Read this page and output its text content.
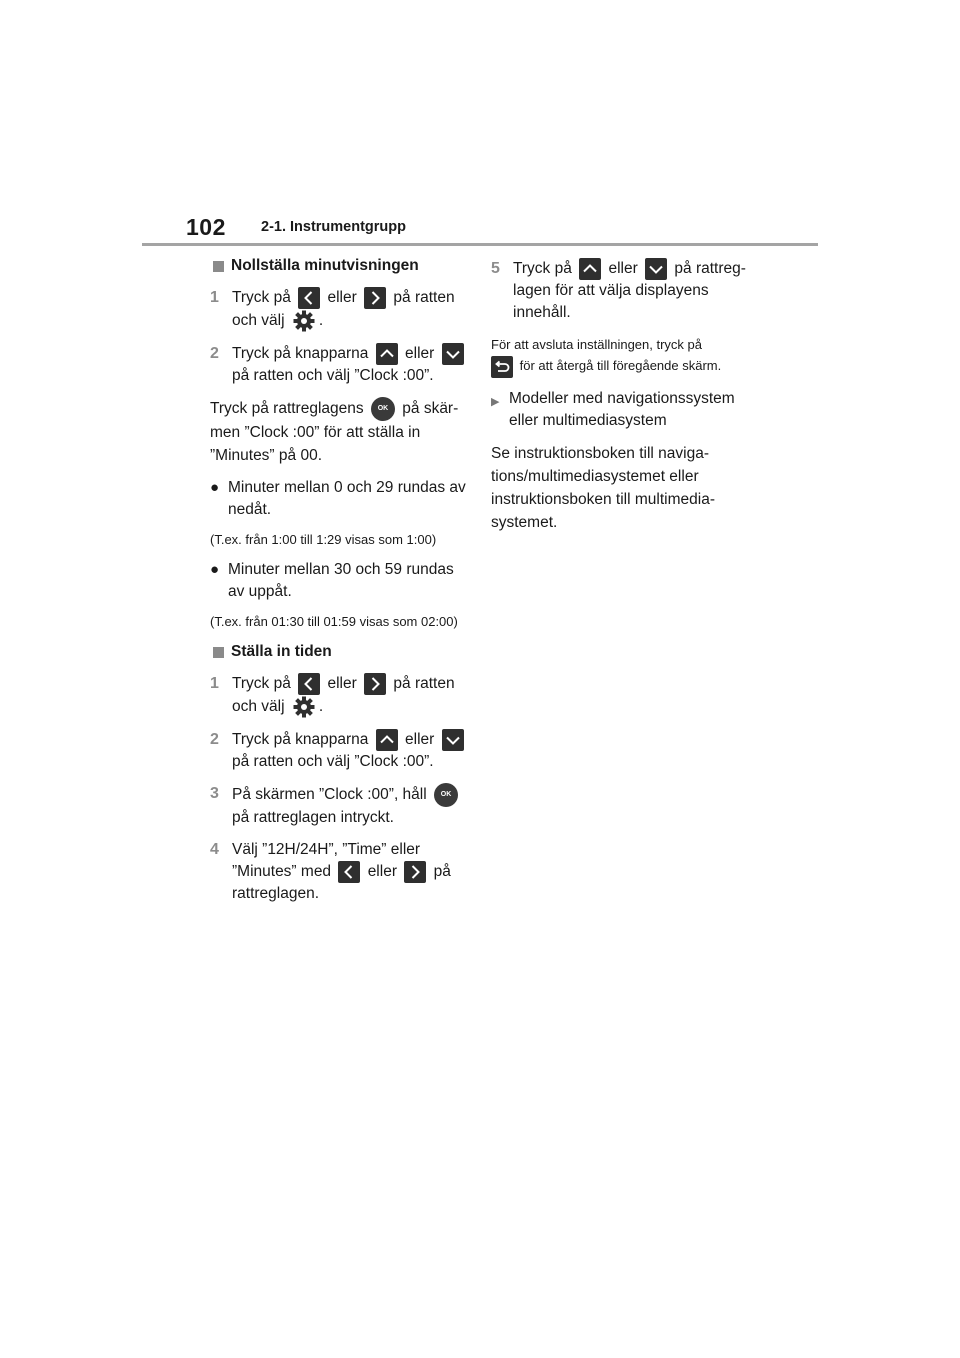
102 2-1. Instrumentgrupp
Nollställa minutvisningen
1 Tryck på eller på ratten och välj .
2 Tryck på knapparna eller  på ratten och välj ”Clock :00”.
Tryck på rattreglagens	OK på skär-men ”Clock :00” för att ställa in ”Minutes” på 00.
● Minuter mellan 0 och 29 rundas av nedåt.
(T.ex. från 1:00 till 1:29 visas som 1:00)
● Minuter mellan 30 och 59 rundas av uppåt.
(T.ex. från 01:30 till 01:59 visas som 02:00)
Ställa in tiden
1 Tryck på eller på ratten och välj .
2 Tryck på knapparna eller  på ratten och välj ”Clock :00”.
3 På skärmen ”Clock :00”, håll	OK
på rattreglagen intryckt.
4 Välj ”12H/24H”, ”Time” eller ”Minutes” med eller på rattreglagen.
5 Tryck på eller på rattreg-lagen för att välja displayens innehåll.
För att avsluta inställningen, tryck på
för att återgå till föregående skärm.
▶ Modeller med navigationssystem eller multimediasystem
Se instruktionsboken till naviga-tions/multimediasystemet eller instruktionsboken till multimedia-systemet.
